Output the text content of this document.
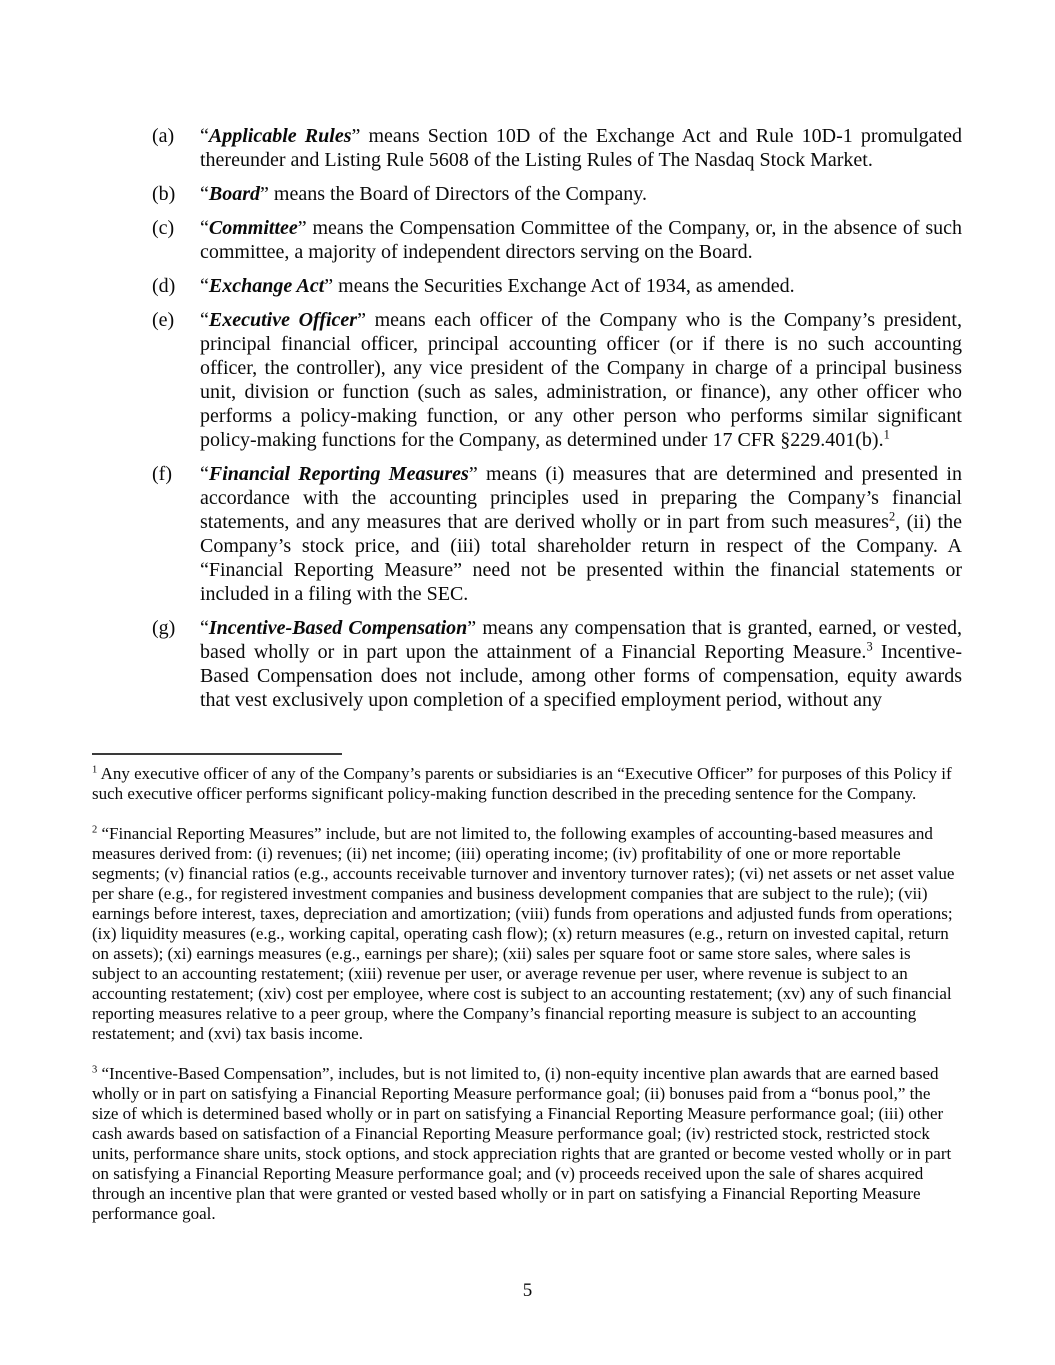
(a) “Applicable Rules” means Section 10D of the Exchange Act and Rule 10D-1 promulgated thereunder and Listing Rule 5608 of the Listing Rules of The Nasdaq Stock Market.
(b) “Board” means the Board of Directors of the Company.
(c) “Committee” means the Compensation Committee of the Company, or, in the absence of such committee, a majority of independent directors serving on the Board.
(d) “Exchange Act” means the Securities Exchange Act of 1934, as amended.
(e) “Executive Officer” means each officer of the Company who is the Company’s president, principal financial officer, principal accounting officer (or if there is no such accounting officer, the controller), any vice president of the Company in charge of a principal business unit, division or function (such as sales, administration, or finance), any other officer who performs a policy-making function, or any other person who performs similar significant policy-making functions for the Company, as determined under 17 CFR §229.401(b).$^1$
(f) “Financial Reporting Measures” means (i) measures that are determined and presented in accordance with the accounting principles used in preparing the Company’s financial statements, and any measures that are derived wholly or in part from such measures$^2$, (ii) the Company’s stock price, and (iii) total shareholder return in respect of the Company. A “Financial Reporting Measure” need not be presented within the financial statements or included in a filing with the SEC.
(g) “Incentive-Based Compensation” means any compensation that is granted, earned, or vested, based wholly or in part upon the attainment of a Financial Reporting Measure.$^3$ Incentive-Based Compensation does not include, among other forms of compensation, equity awards that vest exclusively upon completion of a specified employment period, without any
$^1$ Any executive officer of any of the Company’s parents or subsidiaries is an “Executive Officer” for purposes of this Policy if such executive officer performs significant policy-making function described in the preceding sentence for the Company.
$^2$ “Financial Reporting Measures” include, but are not limited to, the following examples of accounting-based measures and measures derived from: (i) revenues; (ii) net income; (iii) operating income; (iv) profitability of one or more reportable segments; (v) financial ratios (e.g., accounts receivable turnover and inventory turnover rates); (vi) net assets or net asset value per share (e.g., for registered investment companies and business development companies that are subject to the rule); (vii) earnings before interest, taxes, depreciation and amortization; (viii) funds from operations and adjusted funds from operations; (ix) liquidity measures (e.g., working capital, operating cash flow); (x) return measures (e.g., return on invested capital, return on assets); (xi) earnings measures (e.g., earnings per share); (xii) sales per square foot or same store sales, where sales is subject to an accounting restatement; (xiii) revenue per user, or average revenue per user, where revenue is subject to an accounting restatement; (xiv) cost per employee, where cost is subject to an accounting restatement; (xv) any of such financial reporting measures relative to a peer group, where the Company’s financial reporting measure is subject to an accounting restatement; and (xvi) tax basis income.
$^3$ “Incentive-Based Compensation”, includes, but is not limited to, (i) non-equity incentive plan awards that are earned based wholly or in part on satisfying a Financial Reporting Measure performance goal; (ii) bonuses paid from a “bonus pool,” the size of which is determined based wholly or in part on satisfying a Financial Reporting Measure performance goal; (iii) other cash awards based on satisfaction of a Financial Reporting Measure performance goal; (iv) restricted stock, restricted stock units, performance share units, stock options, and stock appreciation rights that are granted or become vested wholly or in part on satisfying a Financial Reporting Measure performance goal; and (v) proceeds received upon the sale of shares acquired through an incentive plan that were granted or vested based wholly or in part on satisfying a Financial Reporting Measure performance goal.
5
